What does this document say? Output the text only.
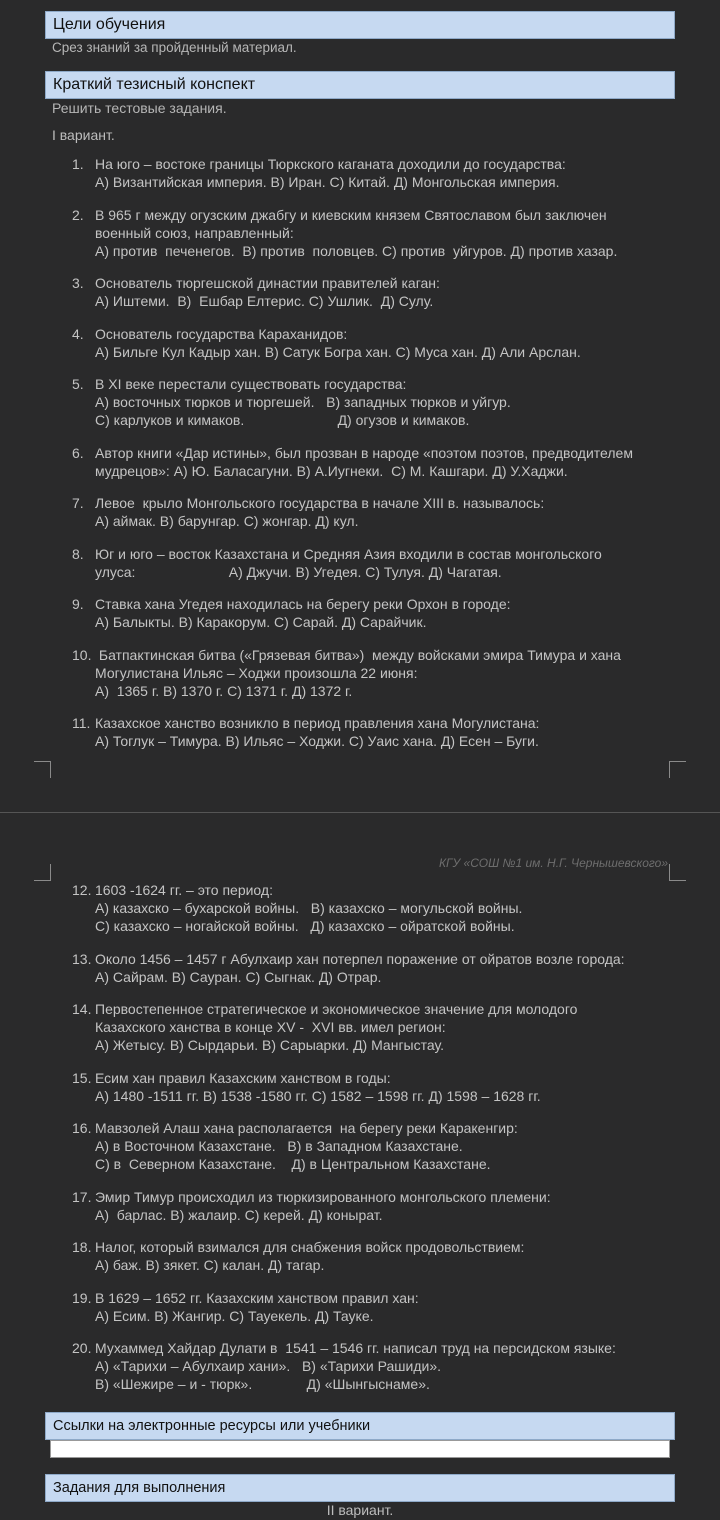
Цели обучения
Срез знаний за пройденный материал.
Краткий тезисный конспект
Решить тестовые задания.
I вариант.
1. На юго – востоке границы Тюркского каганата доходили до государства:
А) Византийская империя. В) Иран. С) Китай. Д) Монгольская империя.
2. В 965 г между огузским джабгу и киевским князем Святославом был заключен
военный союз, направленный:
А) против  печенегов.  В) против  половцев. С) против  уйгуров. Д) против хазар.
3. Основатель тюргешской династии правителей каган:
А) Иштеми.  В)  Ешбар Елтерис. С) Ушлик.  Д) Сулу.
4. Основатель государства Караханидов:
А) Бильге Кул Кадыр хан. В) Сатук Богра хан. С) Муса хан. Д) Али Арслан.
5. В XI веке перестали существовать государства:
А) восточных тюрков и тюргешей.   В) западных тюрков и уйгур.
С) карлуков и кимаков.                        Д) огузов и кимаков.
6. Автор книги «Дар истины», был прозван в народе «поэтом поэтов, предводителем
мудрецов»: А) Ю. Баласагуни. В) А.Иугнеки.  С) М. Кашгари. Д) У.Хаджи.
7. Левое  крыло Монгольского государства в начале XIII в. называлось:
А) аймак. В) барунгар. С) жонгар. Д) кул.
8. Юг и юго – восток Казахстана и Средняя Азия входили в состав монгольского
улуса:                        А) Джучи. В) Угедея. С) Тулуя. Д) Чагатая.
9. Ставка хана Угедея находилась на берегу реки Орхон в городе:
А) Балыкты. В) Каракорум. С) Сарай. Д) Сарайчик.
10. Батпактинская битва («Грязевая битва»)  между войсками эмира Тимура и хана
Могулистана Ильяс – Ходжи произошла 22 июня:
А)  1365 г. В) 1370 г. С) 1371 г. Д) 1372 г.
11. Казахское ханство возникло в период правления хана Могулистана:
А) Тоглук – Тимура. В) Ильяс – Ходжи. С) Уаис хана. Д) Есен – Буги.
КГУ «СОШ №1 им. Н.Г. Чернышевского»
12. 1603 -1624 гг. – это период:
А) казахско – бухарской войны.   В) казахско – могульской войны.
С) казахско – ногайской войны.   Д) казахско – ойратской войны.
13. Около 1456 – 1457 г Абулхаир хан потерпел поражение от ойратов возле города:
А) Сайрам. В) Сауран. С) Сыгнак. Д) Отрар.
14. Первостепенное стратегическое и экономическое значение для молодого
Казахского ханства в конце XV -  XVI вв. имел регион:
А) Жетысу. В) Сырдарьи. В) Сарыарки. Д) Мангыстау.
15. Есим хан правил Казахским ханством в годы:
А) 1480 -1511 гг. В) 1538 -1580 гг. С) 1582 – 1598 гг. Д) 1598 – 1628 гг.
16. Мавзолей Алаш хана располагается  на берегу реки Каракенгир:
А) в Восточном Казахстане.   В) в Западном Казахстане.
С) в  Северном Казахстане.    Д) в Центральном Казахстане.
17. Эмир Тимур происходил из тюркизированного монгольского племени:
А)  барлас. В) жалаир. С) керей. Д) конырат.
18. Налог, который взимался для снабжения войск продовольствием:
А) баж. В) зякет. С) калан. Д) тагар.
19. В 1629 – 1652 гг. Казахским ханством правил хан:
А) Есим. В) Жангир. С) Тауекель. Д) Тауке.
20. Мухаммед Хайдар Дулати в  1541 – 1546 гг. написал труд на персидском языке:
А) «Тарихи – Абулхаир хани».   В) «Тарихи Рашиди».
В) «Шежире – и - тюрк».              Д) «Шынгыснаме».
Ссылки на электронные ресурсы или учебники
Задания для выполнения
II вариант.
